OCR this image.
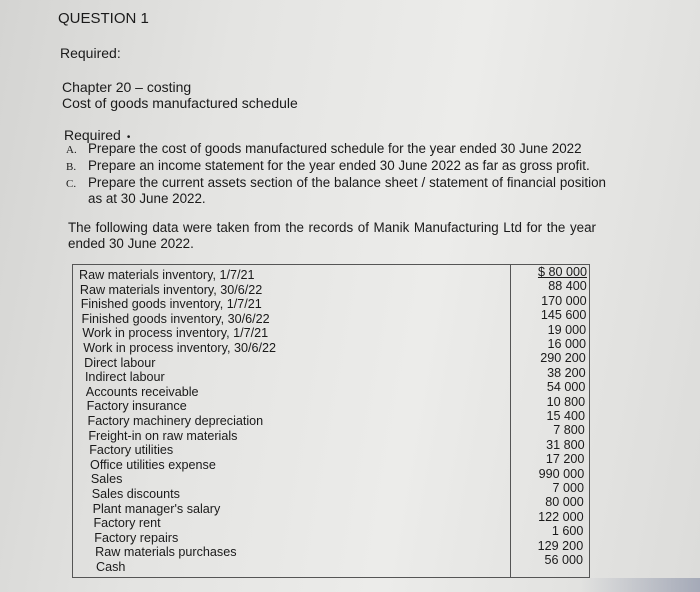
QUESTION 1
Required:
Chapter 20 – costing
Cost of goods manufactured schedule
Required •
A. Prepare the cost of goods manufactured schedule for the year ended 30 June 2022
B. Prepare an income statement for the year ended 30 June 2022 as far as gross profit.
C. Prepare the current assets section of the balance sheet / statement of financial position as at 30 June 2022.
The following data were taken from the records of Manik Manufacturing Ltd for the year ended 30 June 2022.
Raw materials inventory, 1/7/21	$ 80 000
Raw materials inventory, 30/6/22	88 400
Finished goods inventory, 1/7/21	170 000
Finished goods inventory, 30/6/22	145 600
Work in process inventory, 1/7/21	19 000
Work in process inventory, 30/6/22	16 000
Direct labour	290 200
Indirect labour	38 200
Accounts receivable	54 000
Factory insurance	10 800
Factory machinery depreciation	15 400
Freight-in on raw materials	7 800
Factory utilities	31 800
Office utilities expense	17 200
Sales	990 000
Sales discounts	7 000
Plant manager's salary	80 000
Factory rent	122 000
Factory repairs	1 600
Raw materials purchases	129 200
Cash	56 000
